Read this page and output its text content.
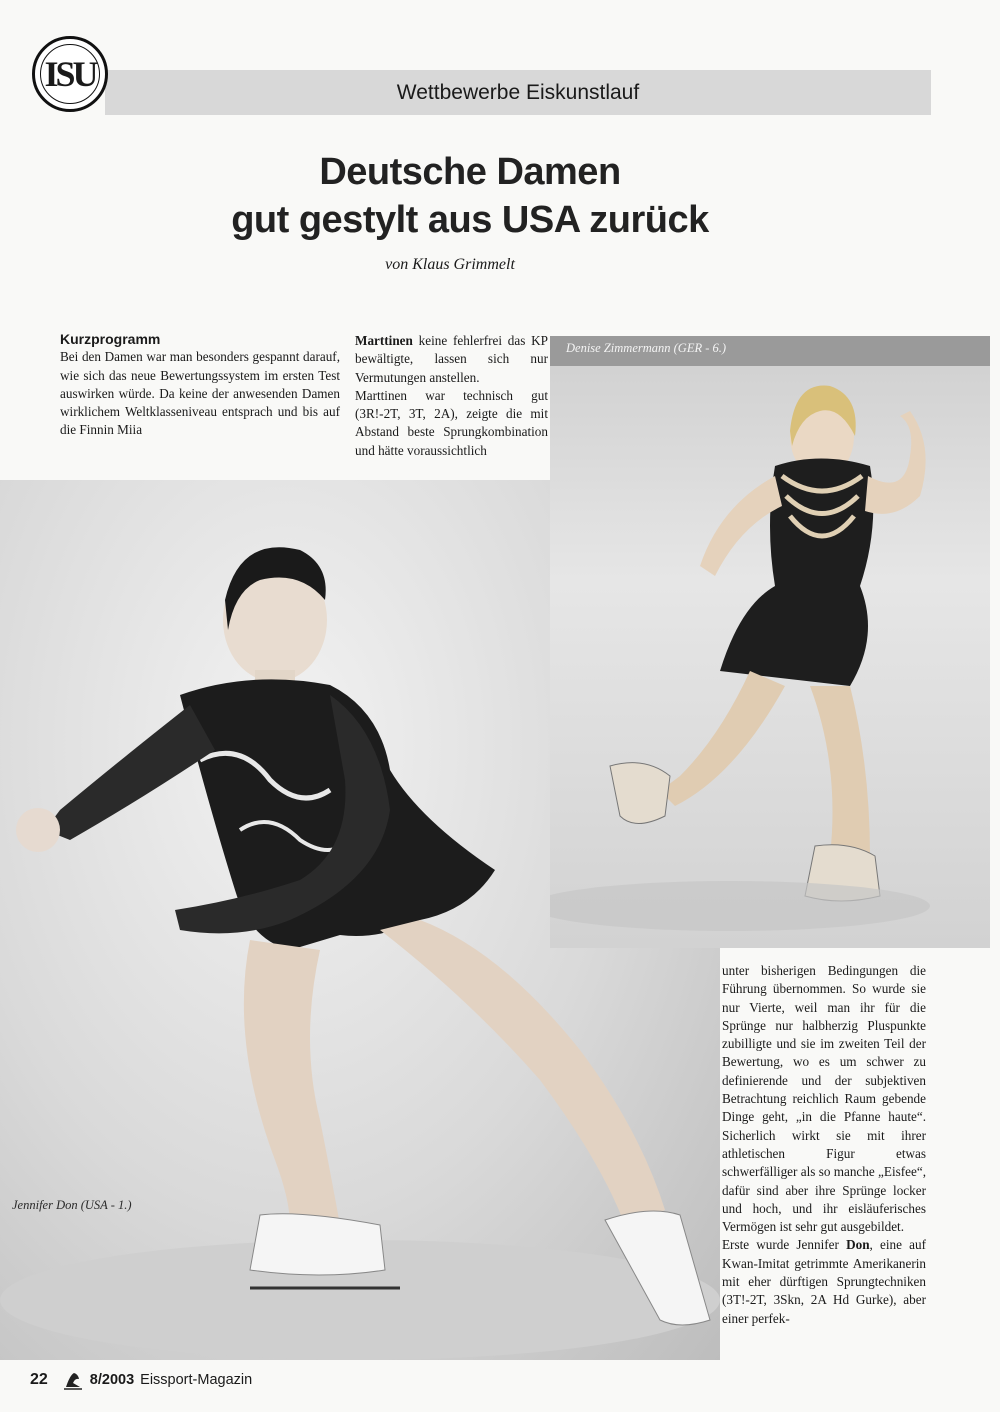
ISU	Wettbewerbe Eiskunstlauf
Deutsche Damen
gut gestylt aus USA zurück
von Klaus Grimmelt
Kurzprogramm
Bei den Damen war man besonders gespannt darauf, wie sich das neue Bewertungssystem im ersten Test auswirken würde. Da keine der anwesenden Damen wirklichem Weltklasseniveau entsprach und bis auf die Finnin Miia
Marttinen keine fehlerfrei das KP bewältigte, lassen sich nur Vermutungen anstellen.
Marttinen war technisch gut (3R!-2T, 3T, 2A), zeigte die mit Abstand beste Sprungkombination und hätte voraussichtlich
Denise Zimmermann (GER - 6.)
Jennifer Don (USA - 1.)
unter bisherigen Bedingungen die Führung übernommen. So wurde sie nur Vierte, weil man ihr für die Sprünge nur halbherzig Pluspunkte zubilligte und sie im zweiten Teil der Bewertung, wo es um schwer zu definierende und der subjektiven Betrachtung reichlich Raum gebende Dinge geht, „in die Pfanne haute“. Sicherlich wirkt sie mit ihrer athletischen Figur etwas schwerfälliger als so manche „Eisfee“, dafür sind aber ihre Sprünge locker und hoch, und ihr eisläuferisches Vermögen ist sehr gut ausgebildet.
Erste wurde Jennifer Don, eine auf Kwan-Imitat getrimmte Amerikanerin mit eher dürftigen Sprungtechniken (3T!-2T, 3Skn, 2A Hd Gurke), aber einer perfek-
22	8/2003 Eissport-Magazin
